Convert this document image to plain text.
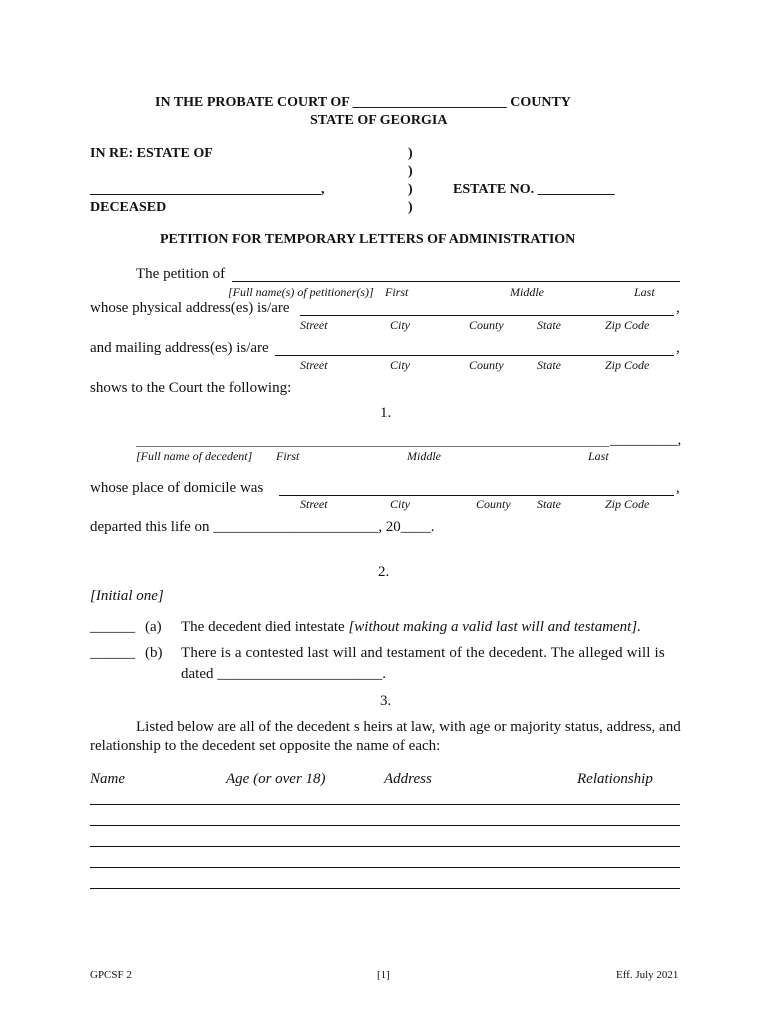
IN THE PROBATE COURT OF ______________________ COUNTY
STATE OF GEORGIA
IN RE: ESTATE OF	)
)
_________________________________,	)	ESTATE NO. ___________
DECEASED	)
PETITION FOR TEMPORARY LETTERS OF ADMINISTRATION
The petition of
[Full name(s) of petitioner(s)] First	Middle	Last
whose physical address(es) is/are	,
Street	City	County	State	Zip Code
and mailing address(es) is/are	,
Street	City	County	State	Zip Code
shows to the Court the following:
1.
_________,
[Full name of decedent] First	Middle	Last
whose place of domicile was	,
Street	City	County State	Zip Code
departed this life on ______________________, 20____.
2.
[Initial one]
______ (a) The decedent died intestate [without making a valid last will and testament].
______ (b) There is a contested last will and testament of the decedent. The alleged will is
dated ______________________.
3.
Listed below are all of the decedent s heirs at law, with age or majority status, address, and
relationship to the decedent set opposite the name of each:
Name	Age (or over 18)	Address	Relationship
GPCSF 2	[1]	Eff. July 2021
